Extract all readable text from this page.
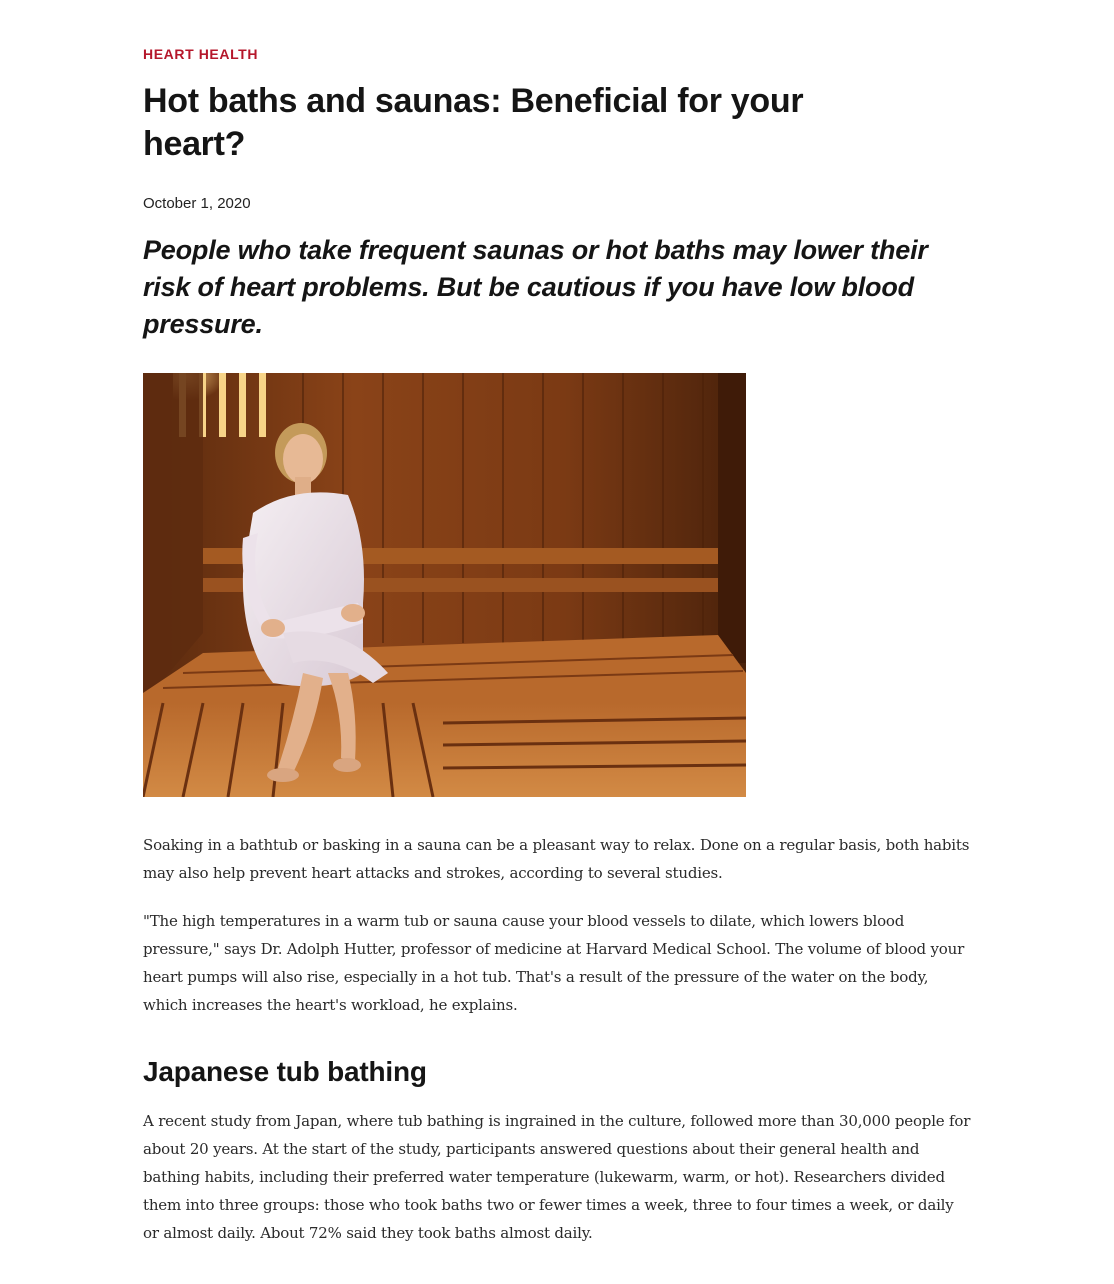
HEART HEALTH
Hot baths and saunas: Beneficial for your heart?

October 1, 2020

People who take frequent saunas or hot baths may lower their risk of heart problems. But be cautious if you have low blood pressure.

Soaking in a bathtub or basking in a sauna can be a pleasant way to relax. Done on a regular basis, both habits may also help prevent heart attacks and strokes, according to several studies.

"The high temperatures in a warm tub or sauna cause your blood vessels to dilate, which lowers blood pressure," says Dr. Adolph Hutter, professor of medicine at Harvard Medical School. The volume of blood your heart pumps will also rise, especially in a hot tub. That's a result of the pressure of the water on the body, which increases the heart's workload, he explains.

Japanese tub bathing

A recent study from Japan, where tub bathing is ingrained in the culture, followed more than 30,000 people for about 20 years. At the start of the study, participants answered questions about their general health and bathing habits, including their preferred water temperature (lukewarm, warm, or hot). Researchers divided them into three groups: those who took baths two or fewer times a week, three to four times a week, or daily or almost daily. About 72% said they took baths almost daily.
